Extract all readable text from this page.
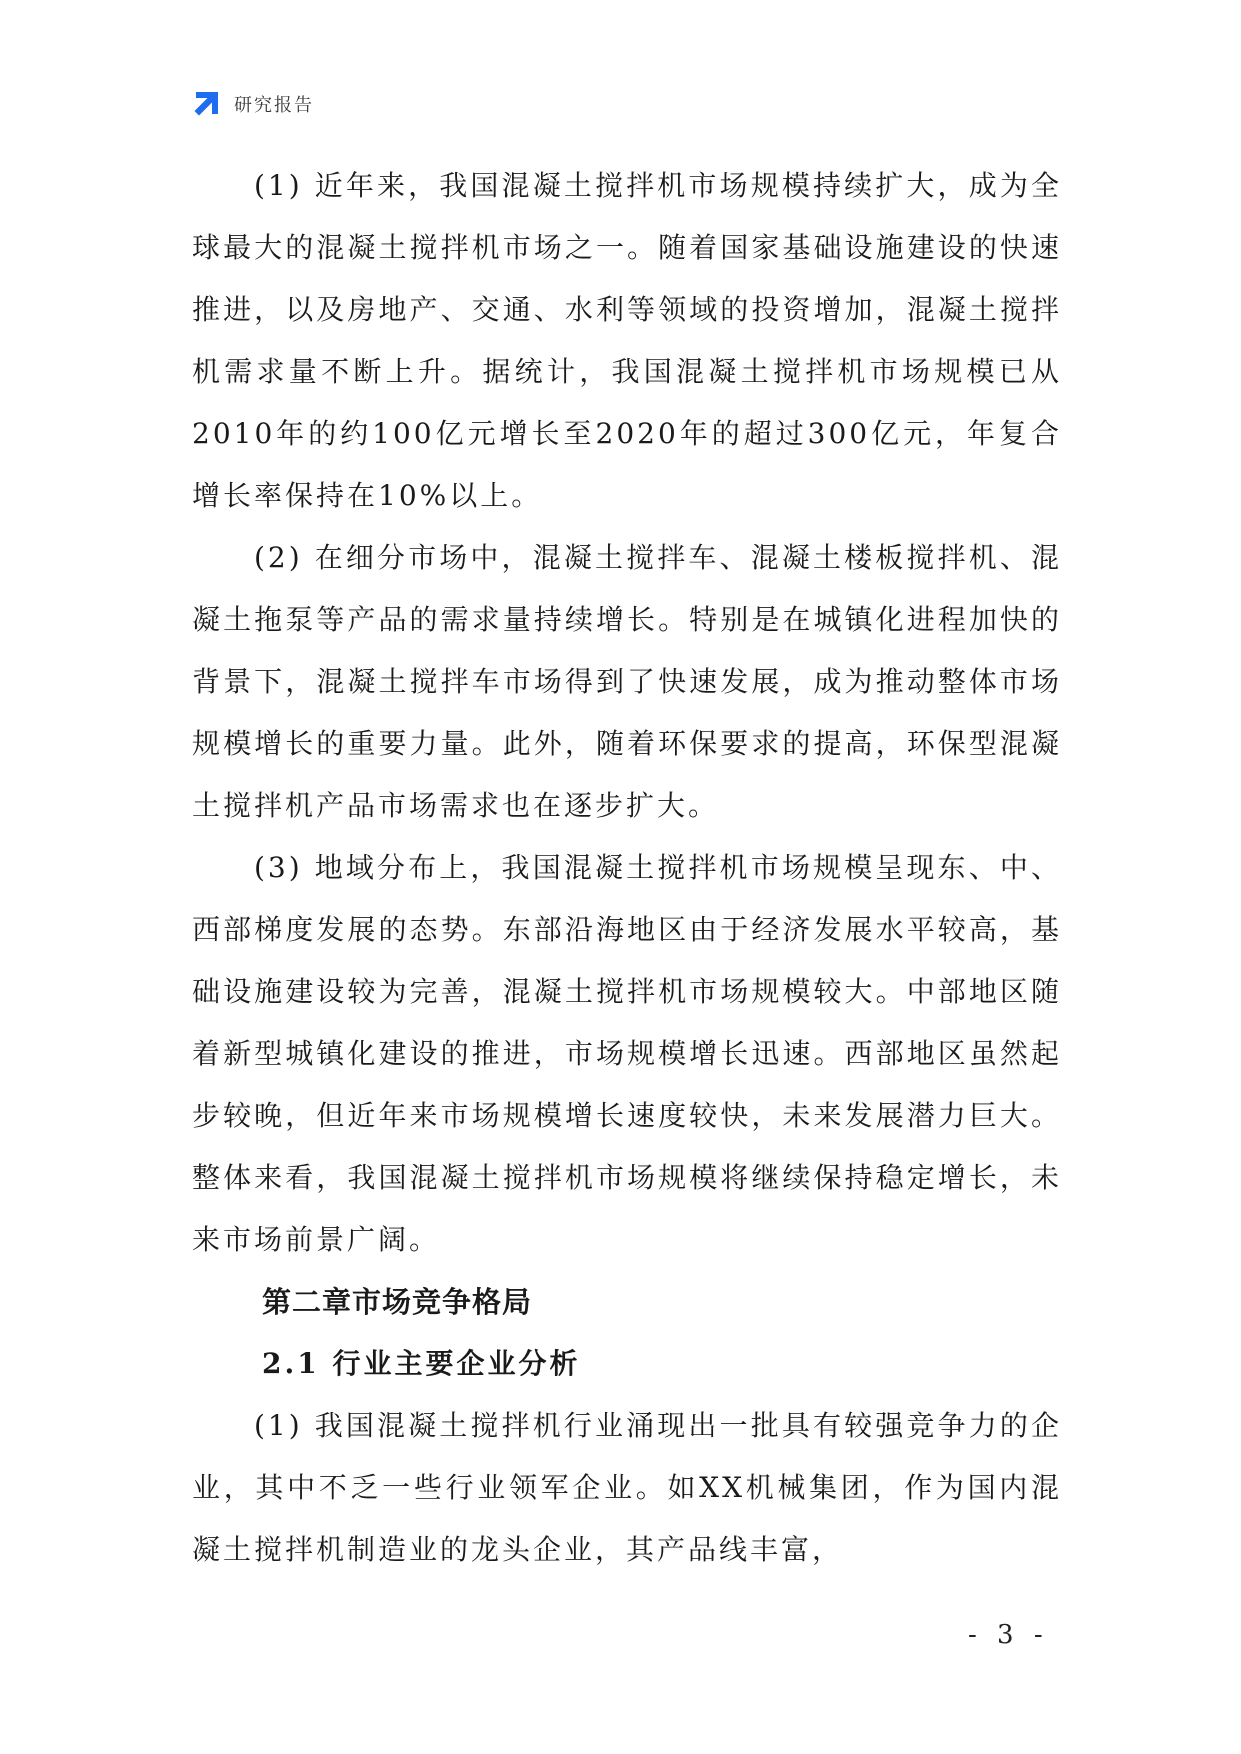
研究报告

(1) 近年来，我国混凝土搅拌机市场规模持续扩大，成为全球最大的混凝土搅拌机市场之一。随着国家基础设施建设的快速推进，以及房地产、交通、水利等领域的投资增加，混凝土搅拌机需求量不断上升。据统计，我国混凝土搅拌机市场规模已从2010年的约100亿元增长至2020年的超过300亿元，年复合增长率保持在10%以上。

(2) 在细分市场中，混凝土搅拌车、混凝土楼板搅拌机、混凝土拖泵等产品的需求量持续增长。特别是在城镇化进程加快的背景下，混凝土搅拌车市场得到了快速发展，成为推动整体市场规模增长的重要力量。此外，随着环保要求的提高，环保型混凝土搅拌机产品市场需求也在逐步扩大。

(3) 地域分布上，我国混凝土搅拌机市场规模呈现东、中、西部梯度发展的态势。东部沿海地区由于经济发展水平较高，基础设施建设较为完善，混凝土搅拌机市场规模较大。中部地区随着新型城镇化建设的推进，市场规模增长迅速。西部地区虽然起步较晚，但近年来市场规模增长速度较快，未来发展潜力巨大。整体来看，我国混凝土搅拌机市场规模将继续保持稳定增长，未来市场前景广阔。

第二章市场竞争格局
2.1 行业主要企业分析

(1) 我国混凝土搅拌机行业涌现出一批具有较强竞争力的企业，其中不乏一些行业领军企业。如XX机械集团，作为国内混凝土搅拌机制造业的龙头企业，其产品线丰富，

- 3 -
